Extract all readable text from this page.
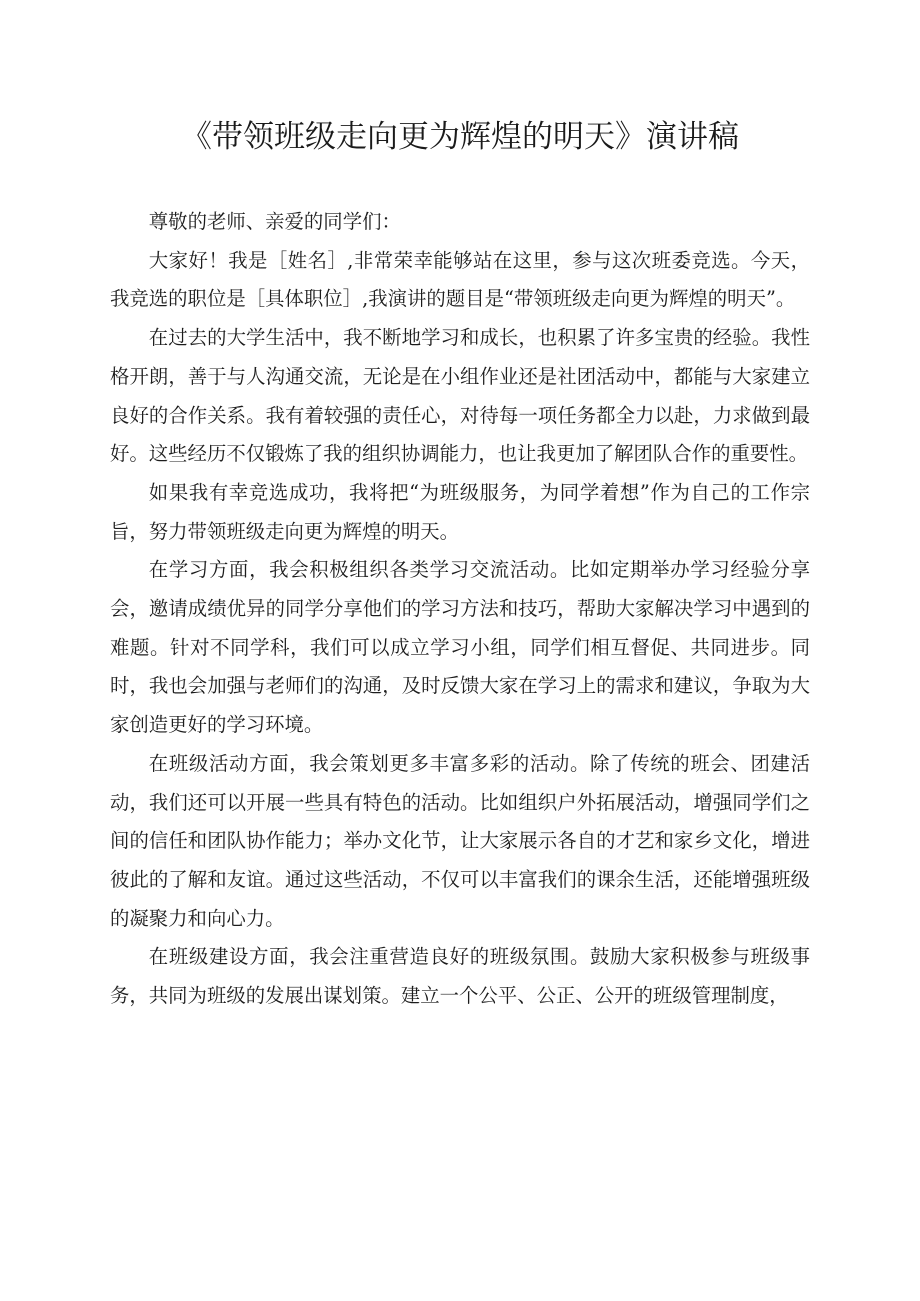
《带领班级走向更为辉煌的明天》演讲稿

尊敬的老师、亲爱的同学们：

大家好！我是［姓名］,非常荣幸能够站在这里，参与这次班委竞选。今天，我竞选的职位是［具体职位］,我演讲的题目是“带领班级走向更为辉煌的明天”。

在过去的大学生活中，我不断地学习和成长，也积累了许多宝贵的经验。我性格开朗，善于与人沟通交流，无论是在小组作业还是社团活动中，都能与大家建立良好的合作关系。我有着较强的责任心，对待每一项任务都全力以赴，力求做到最好。这些经历不仅锻炼了我的组织协调能力，也让我更加了解团队合作的重要性。

如果我有幸竞选成功，我将把“为班级服务，为同学着想”作为自己的工作宗旨，努力带领班级走向更为辉煌的明天。

在学习方面，我会积极组织各类学习交流活动。比如定期举办学习经验分享会，邀请成绩优异的同学分享他们的学习方法和技巧，帮助大家解决学习中遇到的难题。针对不同学科，我们可以成立学习小组，同学们相互督促、共同进步。同时，我也会加强与老师们的沟通，及时反馈大家在学习上的需求和建议，争取为大家创造更好的学习环境。

在班级活动方面，我会策划更多丰富多彩的活动。除了传统的班会、团建活动，我们还可以开展一些具有特色的活动。比如组织户外拓展活动，增强同学们之间的信任和团队协作能力；举办文化节，让大家展示各自的才艺和家乡文化，增进彼此的了解和友谊。通过这些活动，不仅可以丰富我们的课余生活，还能增强班级的凝聚力和向心力。

在班级建设方面，我会注重营造良好的班级氛围。鼓励大家积极参与班级事务，共同为班级的发展出谋划策。建立一个公平、公正、公开的班级管理制度，
